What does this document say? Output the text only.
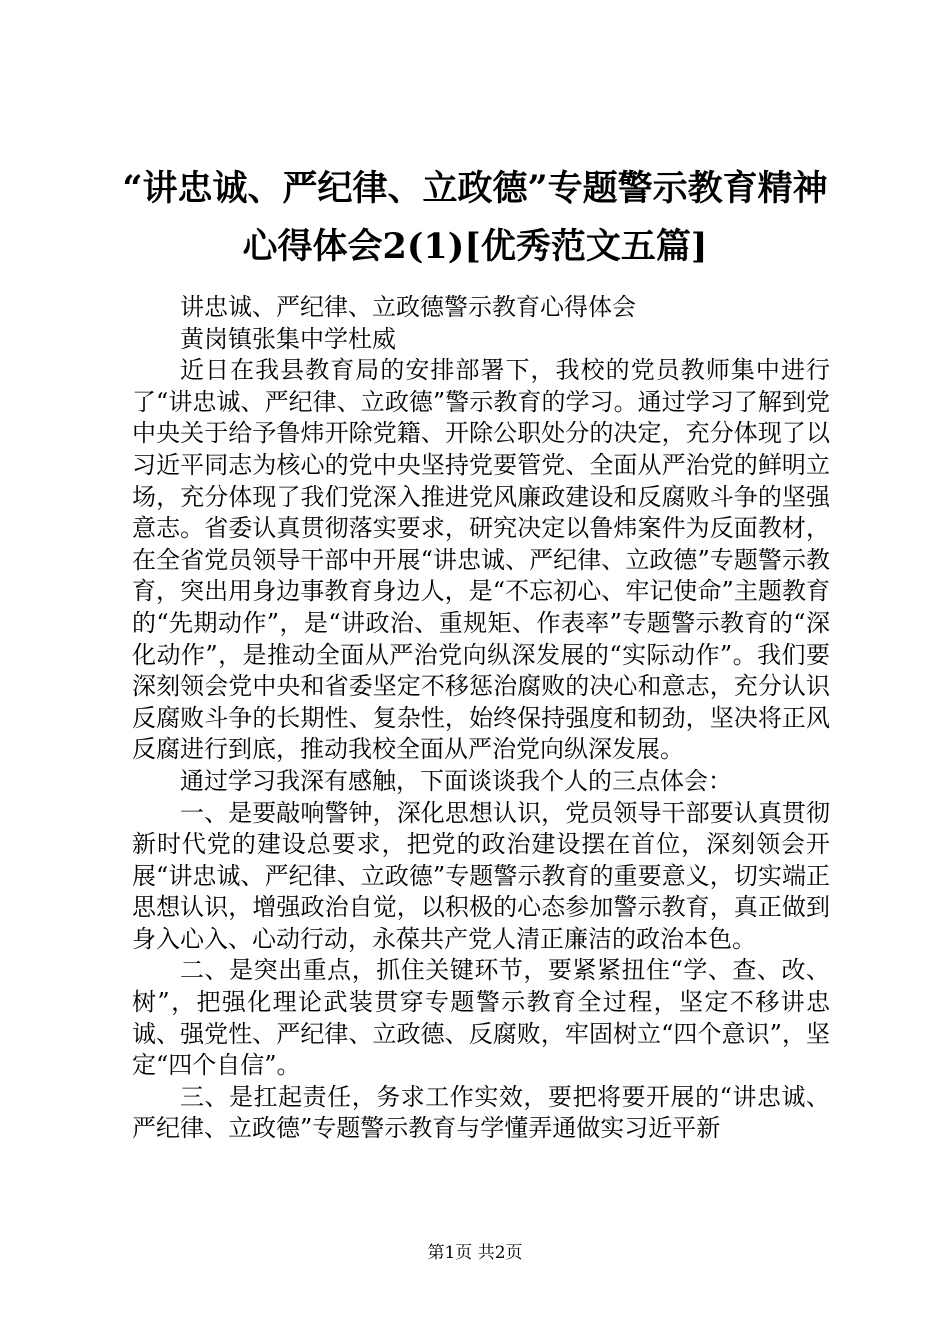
“讲忠诚、严纪律、立政德”专题警示教育精神心得体会2(1)[优秀范文五篇]

讲忠诚、严纪律、立政德警示教育心得体会

黄岗镇张集中学杜威

近日在我县教育局的安排部署下，我校的党员教师集中进行了“讲忠诚、严纪律、立政德”警示教育的学习。通过学习了解到党中央关于给予鲁炜开除党籍、开除公职处分的决定，充分体现了以习近平同志为核心的党中央坚持党要管党、全面从严治党的鲜明立场，充分体现了我们党深入推进党风廉政建设和反腐败斗争的坚强意志。省委认真贯彻落实要求，研究决定以鲁炜案件为反面教材，在全省党员领导干部中开展“讲忠诚、严纪律、立政德”专题警示教育，突出用身边事教育身边人，是“不忘初心、牢记使命”主题教育的“先期动作”，是“讲政治、重规矩、作表率”专题警示教育的“深化动作”，是推动全面从严治党向纵深发展的“实际动作”。我们要深刻领会党中央和省委坚定不移惩治腐败的决心和意志，充分认识反腐败斗争的长期性、复杂性，始终保持强度和韧劲，坚决将正风反腐进行到底，推动我校全面从严治党向纵深发展。

通过学习我深有感触，下面谈谈我个人的三点体会：

一、是要敲响警钟，深化思想认识，党员领导干部要认真贯彻新时代党的建设总要求，把党的政治建设摆在首位，深刻领会开展“讲忠诚、严纪律、立政德”专题警示教育的重要意义，切实端正思想认识，增强政治自觉，以积极的心态参加警示教育，真正做到身入心入、心动行动，永葆共产党人清正廉洁的政治本色。

二、是突出重点，抓住关键环节，要紧紧扭住“学、查、改、树”，把强化理论武装贯穿专题警示教育全过程，坚定不移讲忠诚、强党性、严纪律、立政德、反腐败，牢固树立“四个意识”，坚定“四个自信”。

三、是扛起责任，务求工作实效，要把将要开展的“讲忠诚、严纪律、立政德”专题警示教育与学懂弄通做实习近平新

第1页 共2页
